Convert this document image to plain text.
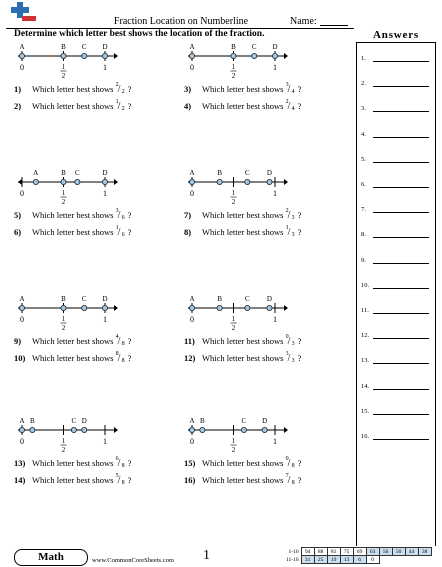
Fraction Location on Numberline	Name:
Determine which letter best shows the location of the fraction.	Answers
1.
2.
3.
4.
5.
6.
7.
8.
9.
10.
11.
12.
13.
14.
15.
16.
0	1
2
1
A	B C D
1) Which letter best shows 2 / 2 ?
2) Which letter best shows 1 / 2 ?
0	1
2
1
A	B C D
3) Which letter best shows 3 / 4 ?
4) Which letter best shows 2 / 4 ?
0	1
2
1
A	B C	D
5) Which letter best shows 3 / 6 ?
6) Which letter best shows 1 / 6 ?
0	1
2
1
A	B	C D
7) Which letter best shows 2 / 3 ?
8) Which letter best shows 1 / 3 ?
0	1
2
1
A	B C D
9) Which letter best shows 4 / 8 ?
10) Which letter best shows 8 / 8 ?
0	1
2
1
A	B	C D
11) Which letter best shows 0 / 3 ?
12) Which letter best shows 3 / 3 ?
0	1
2
1
A B	C D
13) Which letter best shows 6 / 8 ?
14) Which letter best shows 5 / 8 ?
0	1
2
1
A B	C D
15) Which letter best shows 0 / 8 ?
16) Which letter best shows 7 / 8 ?
Math	www.CommonCoreSheets.com 1	1-10	94	88	81	75	69	63	56	50	44	38
11-16	31	25	19	13	6	0				
